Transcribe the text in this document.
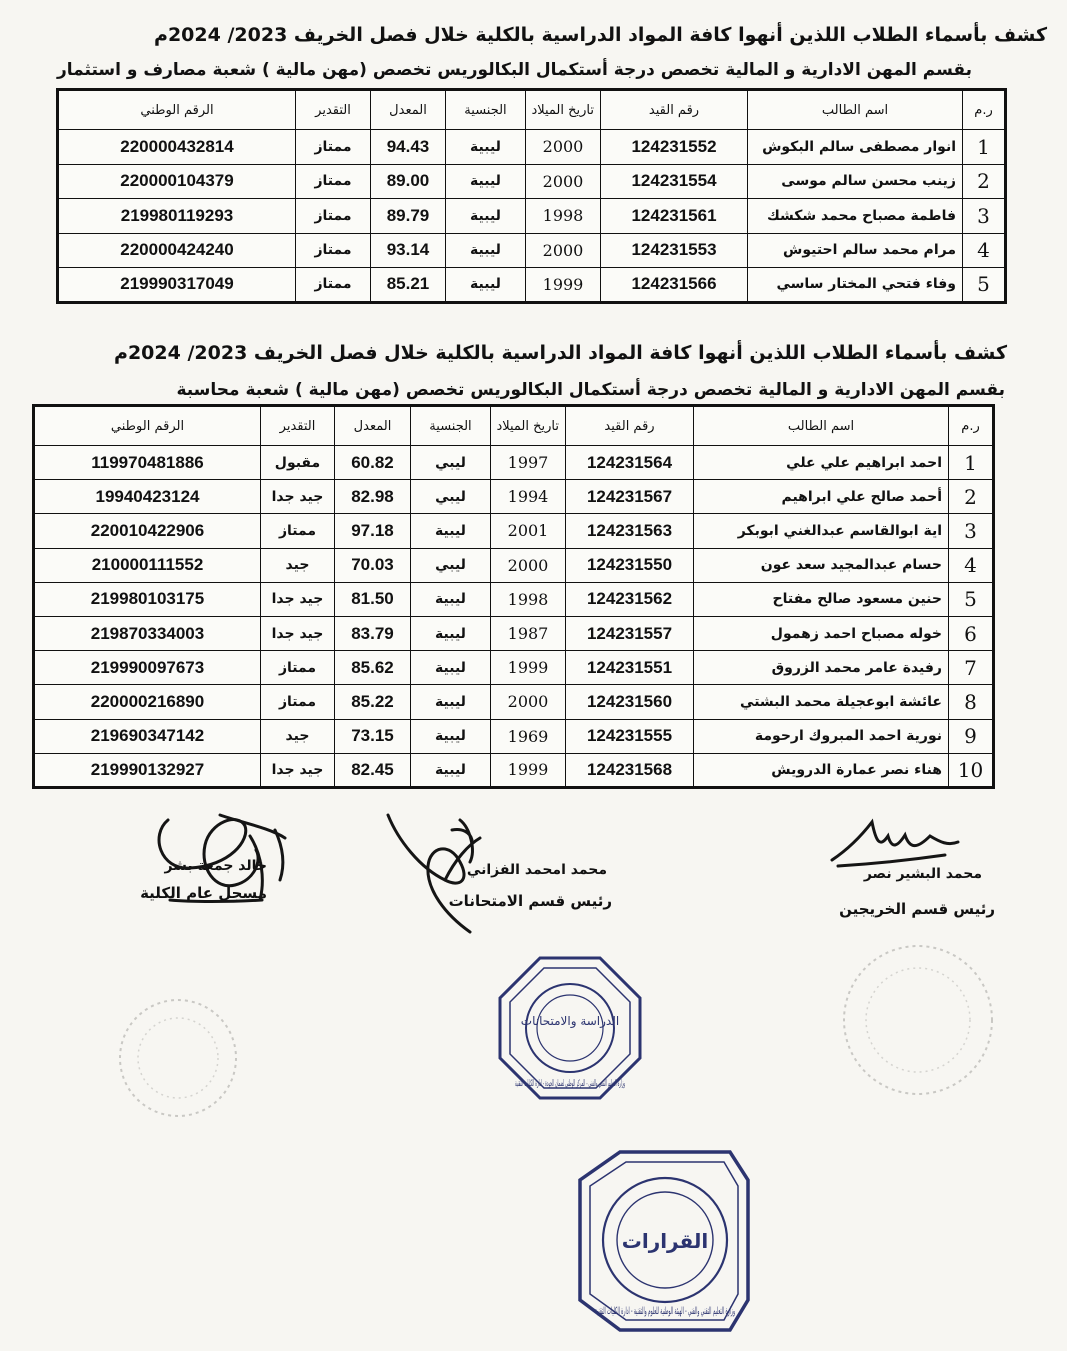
كشف بأسماء الطلاب اللذين أنهوا كافة المواد الدراسية بالكلية خلال فصل الخريف 2023/ 2024م
بقسم المهن الادارية و المالية تخصص درجة أستكمال البكالوريس تخصص (مهن مالية ) شعبة مصارف و استثمار
ر.م	اسم الطالب	رقم القيد	تاريخ الميلاد	الجنسية	المعدل	التقدير	الرقم الوطني
1	انوار مصطفى سالم البكوش	124231552	2000	ليبية	94.43	ممتاز	220000432814
2	زينب محسن سالم موسى	124231554	2000	ليبية	89.00	ممتاز	220000104379
3	فاطمة مصباح محمد شكشك	124231561	1998	ليبية	89.79	ممتاز	219980119293
4	مرام محمد سالم احتيوش	124231553	2000	ليبية	93.14	ممتاز	220000424240
5	وفاء فتحي المختار ساسي	124231566	1999	ليبية	85.21	ممتاز	219990317049
كشف بأسماء الطلاب اللذين أنهوا كافة المواد الدراسية بالكلية خلال فصل الخريف 2023/ 2024م
بقسم المهن الادارية و المالية تخصص درجة أستكمال البكالوريس تخصص (مهن مالية ) شعبة محاسبة
ر.م	اسم الطالب	رقم القيد	تاريخ الميلاد	الجنسية	المعدل	التقدير	الرقم الوطني
1	احمد ابراهيم علي علي	124231564	1997	ليبي	60.82	مقبول	119970481886
2	أحمد صالح علي ابراهيم	124231567	1994	ليبي	82.98	جيد جدا	19940423124
3	اية ابوالقاسم عبدالغني ابوبكر	124231563	2001	ليبية	97.18	ممتاز	220010422906
4	حسام عبدالمجيد سعد عون	124231550	2000	ليبي	70.03	جيد	210000111552
5	حنين مسعود صالح مفتاح	124231562	1998	ليبية	81.50	جيد جدا	219980103175
6	خوله مصباح احمد زهمول	124231557	1987	ليبية	83.79	جيد جدا	219870334003
7	رفيدة عامر محمد الزروق	124231551	1999	ليبية	85.62	ممتاز	219990097673
8	عائشة ابوعجيلة محمد البشتي	124231560	2000	ليبية	85.22	ممتاز	220000216890
9	نورية احمد المبروك ارحومة	124231555	1969	ليبية	73.15	جيد	219690347142
10	هناء نصر عمارة الدرويش	124231568	1999	ليبية	82.45	جيد جدا	219990132927
خالد جمعة بشر
مسجل عام الكلية
محمد امحمد الفزاني
رئيس قسم الامتحانات
محمد البشير نصر
رئيس قسم الخريجين
الدراسة والامتحانات
وزارة التعليم التقني والفني - المركز الوطني لضمان الجودة - ادارة الكليات التقنية
القرارات
وزارة التعليم التقني والفني - الهيئة الوطنية للعلوم والتقنية - ادارة الكليات التقنية
